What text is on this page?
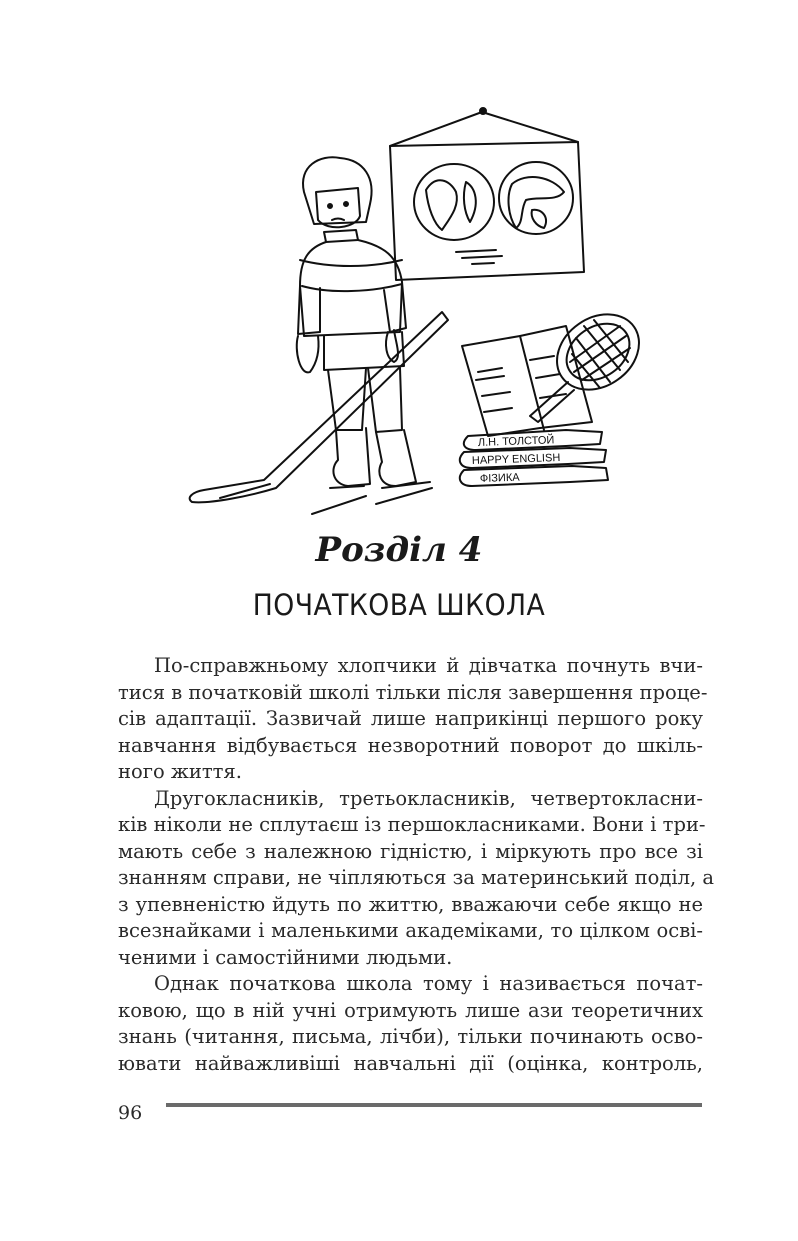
Л.Н. ТОЛСТОЙ
HAPPY ENGLISH
ФІЗИКА
Розділ 4
ПОЧАТКОВА ШКОЛА
По-справжньому хлопчики й дівчатка почнуть вчи-
тися в початковій школі тільки після завершення проце-
сів адаптації. Зазвичай лише наприкінці першого року
навчання відбувається незворотний поворот до шкіль-
ного життя.
Другокласників, третьокласників, четвертокласни-
ків ніколи не сплутаєш із першокласниками. Вони і три-
мають себе з належною гідністю, і міркують про все зі
знанням справи, не чіпляються за материнський поділ, а
з упевненістю йдуть по життю, вважаючи себе якщо не
всезнайками і маленькими академіками, то цілком осві-
ченими і самостійними людьми.
Однак початкова школа тому і називається почат-
ковою, що в ній учні отримують лише ази теоретичних
знань (читання, письма, лічби), тільки починають осво-
ювати найважливіші навчальні дії (оцінка, контроль,
96
